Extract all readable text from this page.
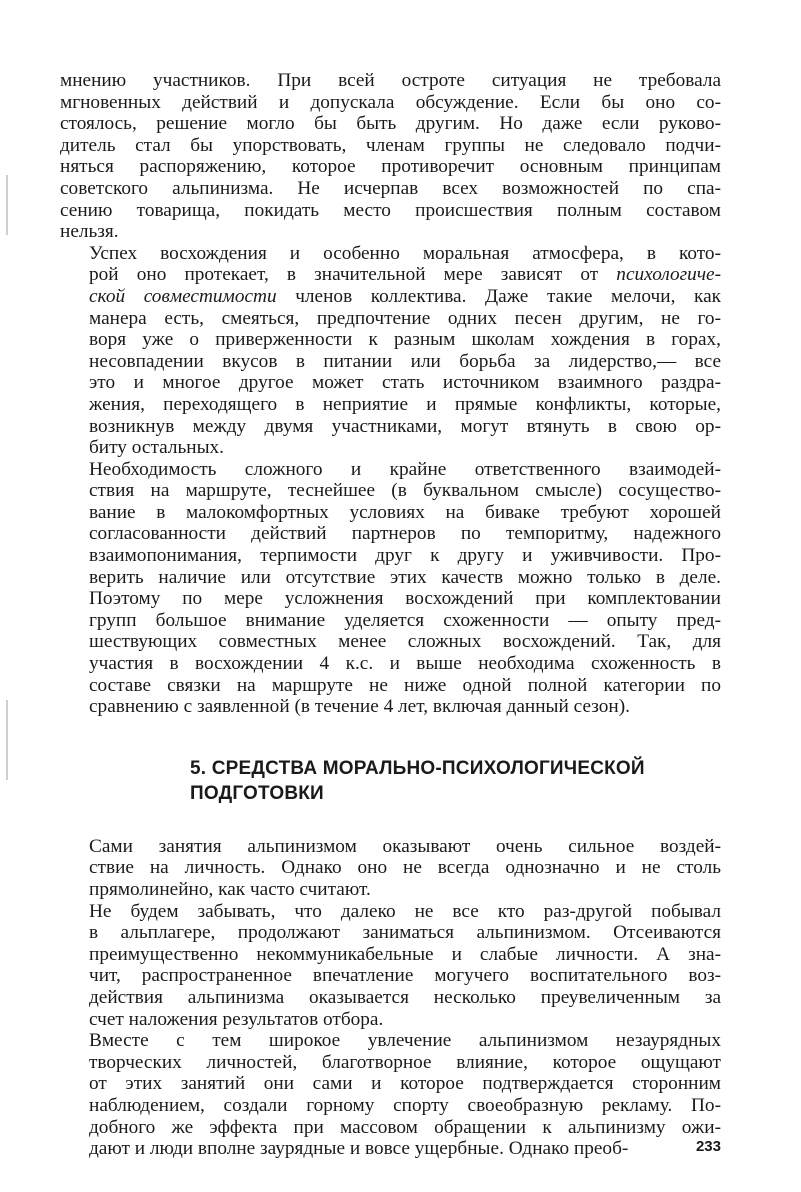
мнению участников. При всей остроте ситуация не требовала
мгновенных действий и допускала обсуждение. Если бы оно со-
стоялось, решение могло бы быть другим. Но даже если руково-
дитель стал бы упорствовать, членам группы не следовало подчи-
няться распоряжению, которое противоречит основным принципам
советского альпинизма. Не исчерпав всех возможностей по спа-
сению товарища, покидать место происшествия полным составом
нельзя.

Успех восхождения и особенно моральная атмосфера, в кото-
рой оно протекает, в значительной мере зависят от психологиче-
ской совместимости членов коллектива. Даже такие мелочи, как
манера есть, смеяться, предпочтение одних песен другим, не го-
воря уже о приверженности к разным школам хождения в горах,
несовпадении вкусов в питании или борьба за лидерство,— все
это и многое другое может стать источником взаимного раздра-
жения, переходящего в неприятие и прямые конфликты, которые,
возникнув между двумя участниками, могут втянуть в свою ор-
биту остальных.

Необходимость сложного и крайне ответственного взаимодей-
ствия на маршруте, теснейшее (в буквальном смысле) сосуществo-
вание в малокомфортных условиях на биваке требуют хорошей
согласованности действий партнеров по темпоритму, надежного
взаимопонимания, терпимости друг к другу и уживчивости. Про-
верить наличие или отсутствие этих качеств можно только в деле.
Поэтому по мере усложнения восхождений при комплектовании
групп большое внимание уделяется схоженности — опыту пред-
шествующих совместных менее сложных восхождений. Так, для
участия в восхождении 4 к.с. и выше необходима схоженность в
составе связки на маршруте не ниже одной полной категории по
сравнению с заявленной (в течение 4 лет, включая данный сезон).

5. СРЕДСТВА МОРАЛЬНО-ПСИХОЛОГИЧЕСКОЙ
ПОДГОТОВКИ

Сами занятия альпинизмом оказывают очень сильное воздей-
ствие на личность. Однако оно не всегда однозначно и не столь
прямолинейно, как часто считают.

Не будем забывать, что далеко не все кто раз-другой побывал
в альплагере, продолжают заниматься альпинизмом. Отсеиваются
преимущественно некоммуникабельные и слабые личности. А зна-
чит, распространенное впечатление могучего воспитательного воз-
действия альпинизма оказывается несколько преувеличенным за
счет наложения результатов отбора.

Вместе с тем широкое увлечение альпинизмом незаурядных
творческих личностей, благотворное влияние, которое ощущают
от этих занятий они сами и которое подтверждается сторонним
наблюдением, создали горному спорту своеобразную рекламу. По-
добного же эффекта при массовом обращении к альпинизму ожи-
дают и люди вполне заурядные и вовсе ущербные. Однако преоб-	233
